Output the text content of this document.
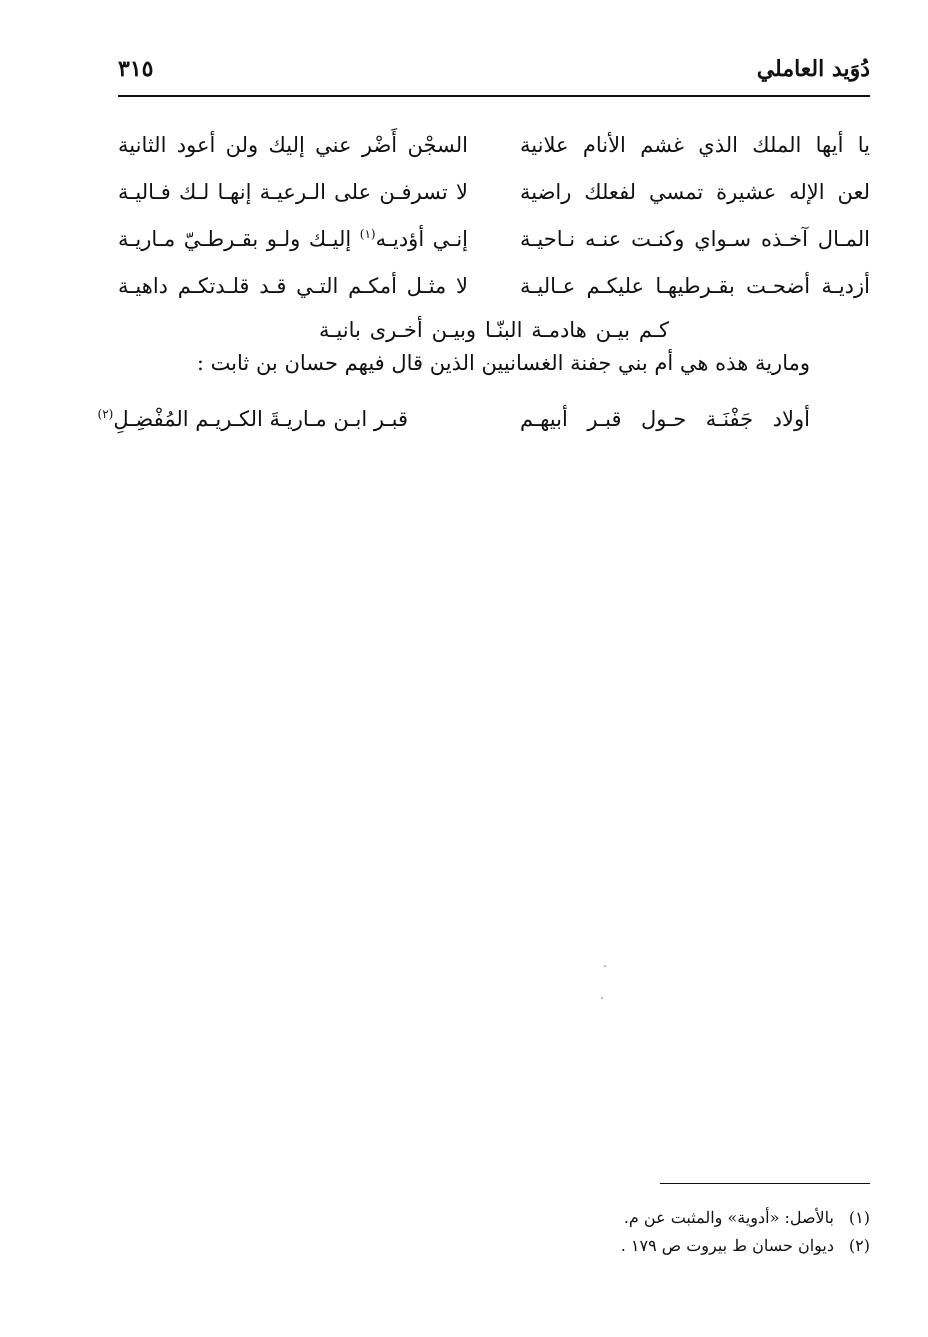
دُوَيد العاملي
٣١٥
يا أيها الملك الذي غشم الأنام علانية
السجْن أَضْر عني إليك ولن أعود الثانية
لعن الإله عشيرة تمسي لفعلك راضية
لا تسرفـن على الـرعيـة إنهـا لـك فـاليـة
المـال آخـذه سـواي وكنـت عنـه نـاحيـة
إنـي أؤديـه$^{(١)}$ إليـك ولـو بقـرطـيّ مـاريـة
أزديـة أضحـت بقـرطيهـا عليكـم عـاليـة
لا مثـل أمكـم التـي قـد قلـدتكـم داهيـة
كـم بيـن هادمـة البنّـا وبيـن أخـرى بانيـة
ومارية هذه هي أم بني جفنة الغسانيين الذين قال فيهم حسان بن ثابت :
أولاد جَفْنَـة حـول قبـر أبيهـم
قبـر ابـن مـاريـةَ الكـريـم المُفْضِـلِ$^{(٢)}$
(١)بالأصل: «أدوية» والمثبت عن م.
(٢)ديوان حسان ط بيروت ص ١٧٩ .
